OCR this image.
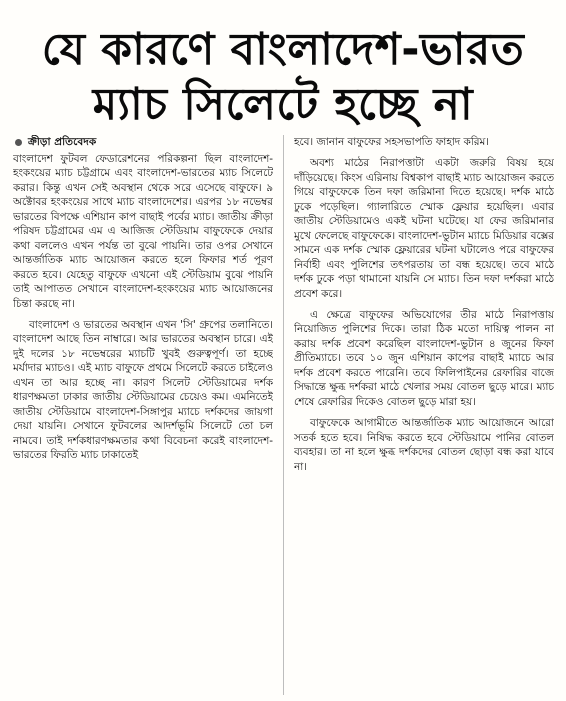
যে কারণে বাংলাদেশ-ভারত
ম্যাচ সিলেটে হচ্ছে না
ক্রীড়া প্রতিবেদক

বাংলাদেশ ফুটবল ফেডারেশনের পরিকল্পনা ছিল বাংলাদেশ-হংকংয়ের ম্যাচ চট্টগ্রামে এবং বাংলাদেশ-ভারতের ম্যাচ সিলেটে করার। কিন্তু এখন সেই অবস্থান থেকে সরে এসেছে বাফুফে। ৯ অক্টোবর হংকংয়ের সাথে ম্যাচ বাংলাদেশের। এরপর ১৮ নভেম্বর ভারতের বিপক্ষে এশিয়ান কাপ বাছাই পর্বের ম্যাচ। জাতীয় ক্রীড়া পরিষদ চট্টগ্রামের এম এ আজিজ স্টেডিয়াম বাফুফেকে দেয়ার কথা বললেও এখন পর্যন্ত তা বুঝে পায়নি। তার ওপর সেখানে আন্তর্জাতিক ম্যাচ আয়োজন করতে হলে ফিফার শর্ত পূরণ করতে হবে। যেহেতু বাফুফে এখনো এই স্টেডিয়াম বুঝে পায়নি তাই আপাতত সেখানে বাংলাদেশ-হংকংয়ের ম্যাচ আয়োজনের চিন্তা করছে না।

বাংলাদেশ ও ভারতের অবস্থান এখন 'সি' গ্রুপের তলানিতে। বাংলাদেশ আছে তিন নাম্বারে। আর ভারতের অবস্থান চারে। এই দুই দলের ১৮ নভেম্বরের ম্যাচটি খুবই গুরুত্বপূর্ণ। তা হচ্ছে মর্যাদার ম্যাচও। এই ম্যাচ বাফুফে প্রথমে সিলেটে করতে চাইলেও এখন তা আর হচ্ছে না। কারণ সিলেট স্টেডিয়ামের দর্শক ধারণক্ষমতা ঢাকার জাতীয় স্টেডিয়ামের চেয়েও কম। এমনিতেই জাতীয় স্টেডিয়ামে বাংলাদেশ-সিঙ্গাপুর ম্যাচে দর্শকদের জায়গা দেয়া যায়নি। সেখানে ফুটবলের আদর্শভূমি সিলেটে তো চল নামবে। তাই দর্শকধারণক্ষমতার কথা বিবেচনা করেই বাংলাদেশ-ভারতের ফিরতি ম্যাচ ঢাকাতেই

হবে। জানান বাফুফের সহসভাপতি ফাহাদ করিম।

অবশ্য মাঠের নিরাপত্তাটা একটা জরুরি বিষয় হয়ে দাঁড়িয়েছে। কিংস এরিনায় বিশ্বকাপ বাছাই ম্যাচ আয়োজন করতে গিয়ে বাফুফেকে তিন দফা জরিমানা দিতে হয়েছে। দর্শক মাঠে ঢুকে পড়েছিল। গ্যালারিতে স্মোক ফ্লেয়ার হয়েছিল। এবার জাতীয় স্টেডিয়ামেও একই ঘটনা ঘটেছে। যা ফের জরিমানার মুখে ফেলেছে বাফুফেকে। বাংলাদেশ-ভুটান ম্যাচে মিডিয়ার বক্সের সামনে এক দর্শক স্মোক ফ্লেয়ারের ঘটনা ঘটালেও পরে বাফুফের নির্বাহী এবং পুলিশের তৎপরতায় তা বন্ধ হয়েছে। তবে মাঠে দর্শক ঢুকে পড়া থামানো যায়নি সে ম্যাচ। তিন দফা দর্শকরা মাঠে প্রবেশ করে।

এ ক্ষেত্রে বাফুফের অভিযোগের তীর মাঠে নিরাপত্তায় নিয়োজিত পুলিশের দিকে। তারা ঠিক মতো দায়িত্ব পালন না করায় দর্শক প্রবেশ করেছিল বাংলাদেশ-ভুটান ৪ জুনের ফিফা প্রীতিম্যাচে। তবে ১০ জুন এশিয়ান কাপের বাছাই ম্যাচে আর দর্শক প্রবেশ করতে পারেনি। তবে ফিলিপাইনের রেফারির বাজে সিদ্ধান্তে ক্ষুব্ধ দর্শকরা মাঠে খেলার সময় বোতল ছুড়ে মারে। ম্যাচ শেষে রেফারির দিকেও বোতল ছুড়ে মারা হয়।

বাফুফেকে আগামীতে আন্তর্জাতিক ম্যাচ আয়োজনে আরো সতর্ক হতে হবে। নিষিদ্ধ করতে হবে স্টেডিয়ামে পানির বোতল ব্যবহার। তা না হলে ক্ষুব্ধ দর্শকদের বোতল ছোড়া বন্ধ করা যাবে না।
